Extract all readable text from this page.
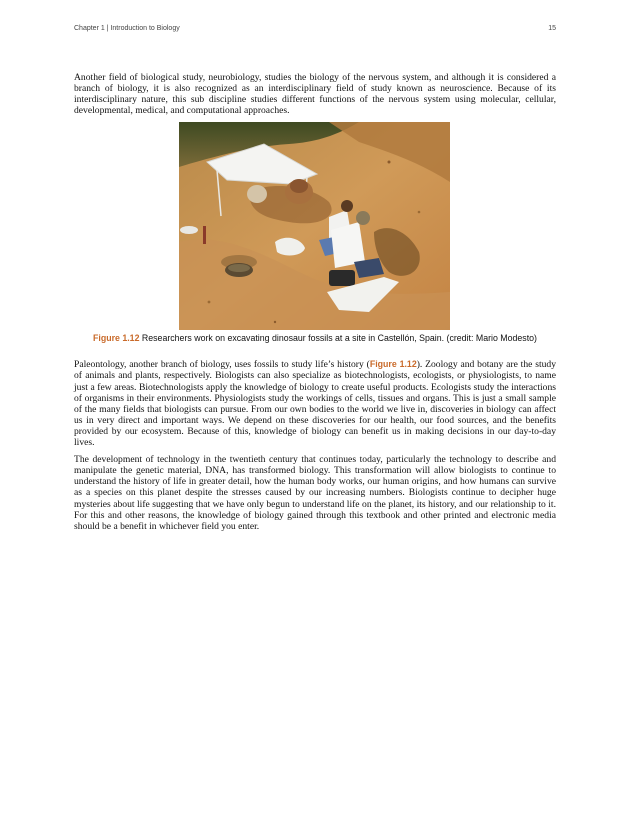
Chapter 1 | Introduction to Biology	15

Another field of biological study, neurobiology, studies the biology of the nervous system, and although it is considered a branch of biology, it is also recognized as an interdisciplinary field of study known as neuroscience. Because of its interdisciplinary nature, this sub discipline studies different functions of the nervous system using molecular, cellular, developmental, medical, and computational approaches.

Figure 1.12 Researchers work on excavating dinosaur fossils at a site in Castellón, Spain. (credit: Mario Modesto)

Paleontology, another branch of biology, uses fossils to study life’s history (Figure 1.12). Zoology and botany are the study of animals and plants, respectively. Biologists can also specialize as biotechnologists, ecologists, or physiologists, to name just a few areas. Biotechnologists apply the knowledge of biology to create useful products. Ecologists study the interactions of organisms in their environments. Physiologists study the workings of cells, tissues and organs. This is just a small sample of the many fields that biologists can pursue. From our own bodies to the world we live in, discoveries in biology can affect us in very direct and important ways. We depend on these discoveries for our health, our food sources, and the benefits provided by our ecosystem. Because of this, knowledge of biology can benefit us in making decisions in our day-to-day lives.

The development of technology in the twentieth century that continues today, particularly the technology to describe and manipulate the genetic material, DNA, has transformed biology. This transformation will allow biologists to continue to understand the history of life in greater detail, how the human body works, our human origins, and how humans can survive as a species on this planet despite the stresses caused by our increasing numbers. Biologists continue to decipher huge mysteries about life suggesting that we have only begun to understand life on the planet, its history, and our relationship to it. For this and other reasons, the knowledge of biology gained through this textbook and other printed and electronic media should be a benefit in whichever field you enter.
